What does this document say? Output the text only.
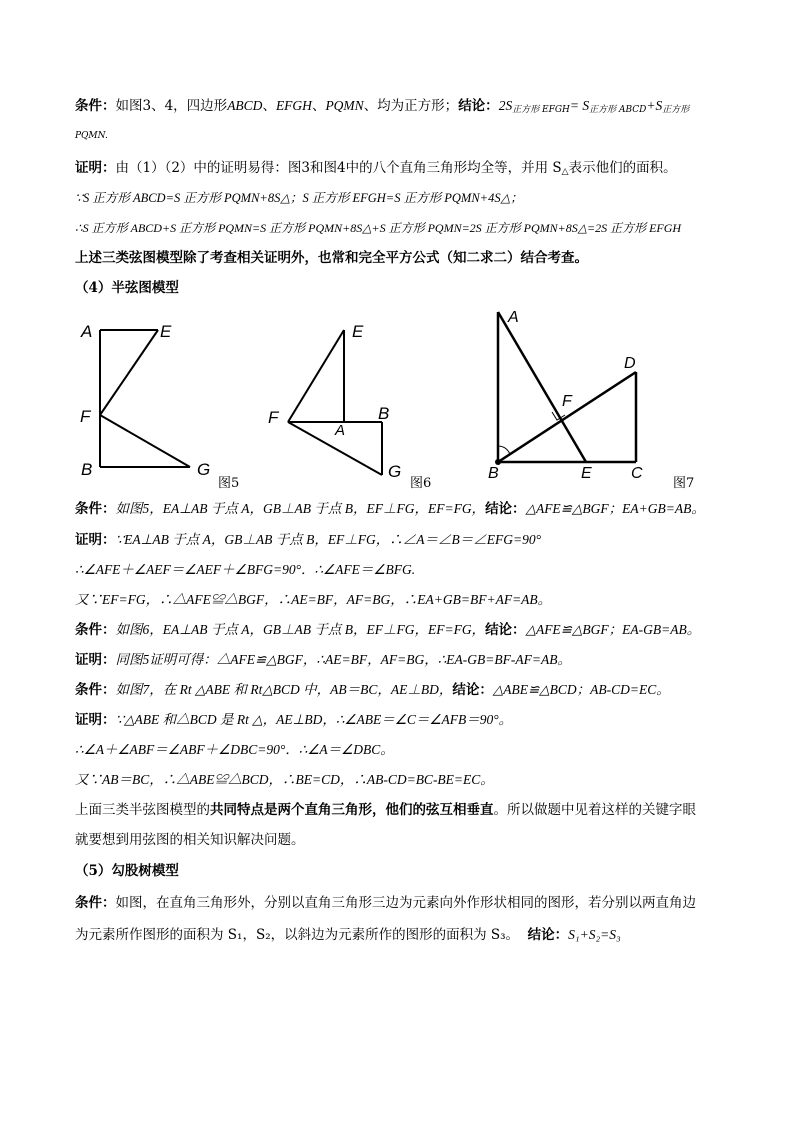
条件：如图3、4，四边形ABCD、EFGH、PQMN、均为正方形；结论：$2S_{正方形 EFGH}= S_{正方形 ABCD}+S_{正方形}$
PQMN.
证明：由（1）（2）中的证明易得：图3和图4中的八个直角三角形均全等，并用 $S_\triangle$表示他们的面积。
∵S 正方形 ABCD=S 正方形 PQMN+8S△；S 正方形 EFGH=S 正方形 PQMN+4S△；
∴S 正方形 ABCD+S 正方形 PQMN=S 正方形 PQMN+8S△+S 正方形 PQMN=2S 正方形 PQMN+8S△=2S 正方形 EFGH
上述三类弦图模型除了考查相关证明外，也常和完全平方公式（知二求二）结合考查。
（4）半弦图模型
A	E
F
B	G
图5
E
F
A
B
G
图6
A
D
F
B	E C
图7
条件：如图5，EA⊥AB 于点 A，GB⊥AB 于点 B，EF⊥FG，EF=FG，结论：△AFE≌△BGF；EA+GB=AB。
证明：∵EA⊥AB 于点 A，GB⊥AB 于点 B，EF⊥FG，∴∠A＝∠B＝∠EFG=90°
∴∠AFE＋∠AEF＝∠AEF＋∠BFG=90°．∴∠AFE＝∠BFG.
又∵EF=FG，∴△AFE≌△BGF，∴AE=BF，AF=BG，∴EA+GB=BF+AF=AB。
条件：如图6，EA⊥AB 于点 A，GB⊥AB 于点 B，EF⊥FG，EF=FG，结论：△AFE≌△BGF；EA-GB=AB。
证明：同图5证明可得：△AFE≌△BGF，∴AE=BF，AF=BG，∴EA-GB=BF-AF=AB。
条件：如图7，在 Rt △ABE 和 Rt△BCD 中，AB＝BC，AE⊥BD，结论：△ABE≌△BCD；AB-CD=EC。
证明：∵△ABE 和△BCD 是 Rt △，AE⊥BD，∴∠ABE＝∠C＝∠AFB＝90°。
∴∠A＋∠ABF＝∠ABF＋∠DBC=90°．∴∠A＝∠DBC。
又∵AB＝BC，∴△ABE≌△BCD，∴BE=CD，∴AB-CD=BC-BE=EC。
上面三类半弦图模型的共同特点是两个直角三角形，他们的弦互相垂直。所以做题中见着这样的关键字眼
就要想到用弦图的相关知识解决问题。
（5）勾股树模型
条件：如图，在直角三角形外，分别以直角三角形三边为元素向外作形状相同的图形，若分别以两直角边
为元素所作图形的面积为 S₁，S₂，以斜边为元素所作的图形的面积为 S₃。 结论：S₁+S₂=S₃
